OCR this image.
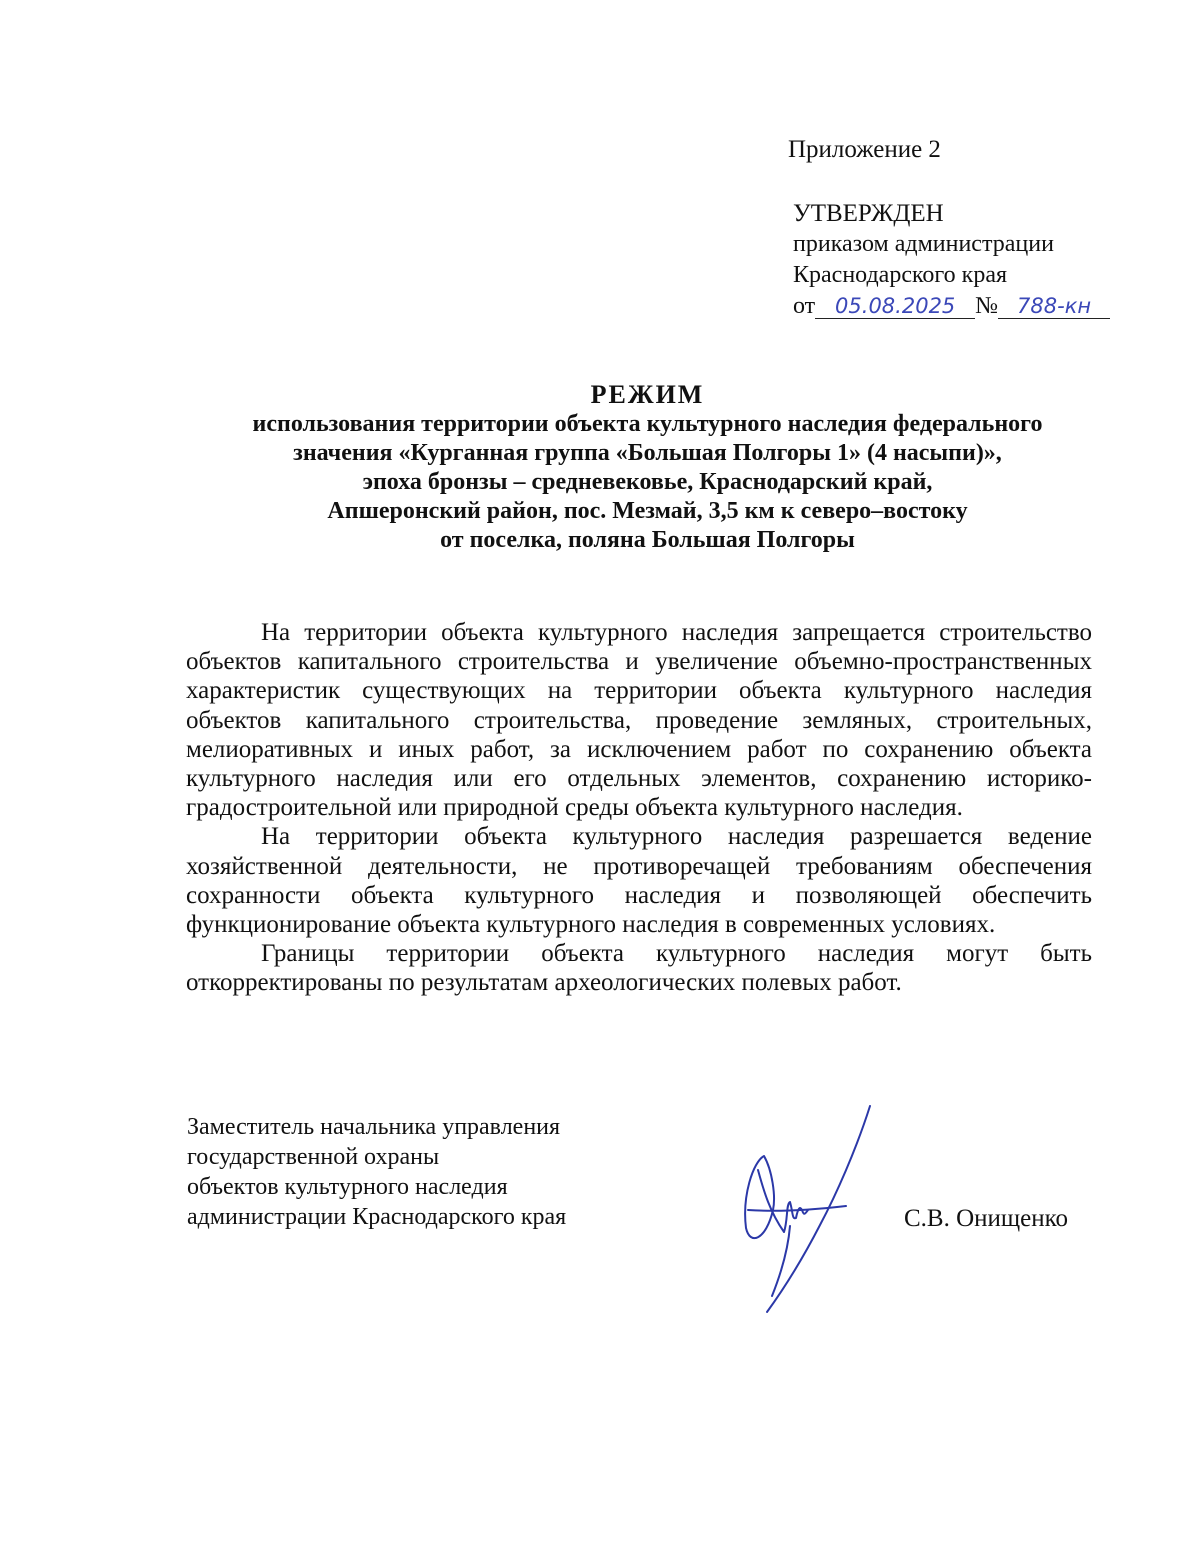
Приложение 2
УТВЕРЖДЕН
приказом администрации
Краснодарского края
от 05.08.2025 № 788-кн
РЕЖИМ
использования территории объекта культурного наследия федерального
значения «Курганная группа «Большая Полгоры 1» (4 насыпи)»,
эпоха бронзы – средневековье, Краснодарский край,
Апшеронский район, пос. Мезмай, 3,5 км к северо–востоку
от поселка, поляна Большая Полгоры

На территории объекта культурного наследия запрещается строительство объектов капитального строительства и увеличение объемно-пространственных характеристик существующих на территории объекта культурного наследия объектов капитального строительства, проведение земляных, строительных, мелиоративных и иных работ, за исключением работ по сохранению объекта культурного наследия или его отдельных элементов, сохранению историко-градостроительной или природной среды объекта культурного наследия.

На территории объекта культурного наследия разрешается ведение хозяйственной деятельности, не противоречащей требованиям обеспечения сохранности объекта культурного наследия и позволяющей обеспечить функционирование объекта культурного наследия в современных условиях.

Границы территории объекта культурного наследия могут быть откорректированы по результатам археологических полевых работ.

Заместитель начальника управления
государственной охраны
объектов культурного наследия
администрации Краснодарского края	С.В. Онищенко
